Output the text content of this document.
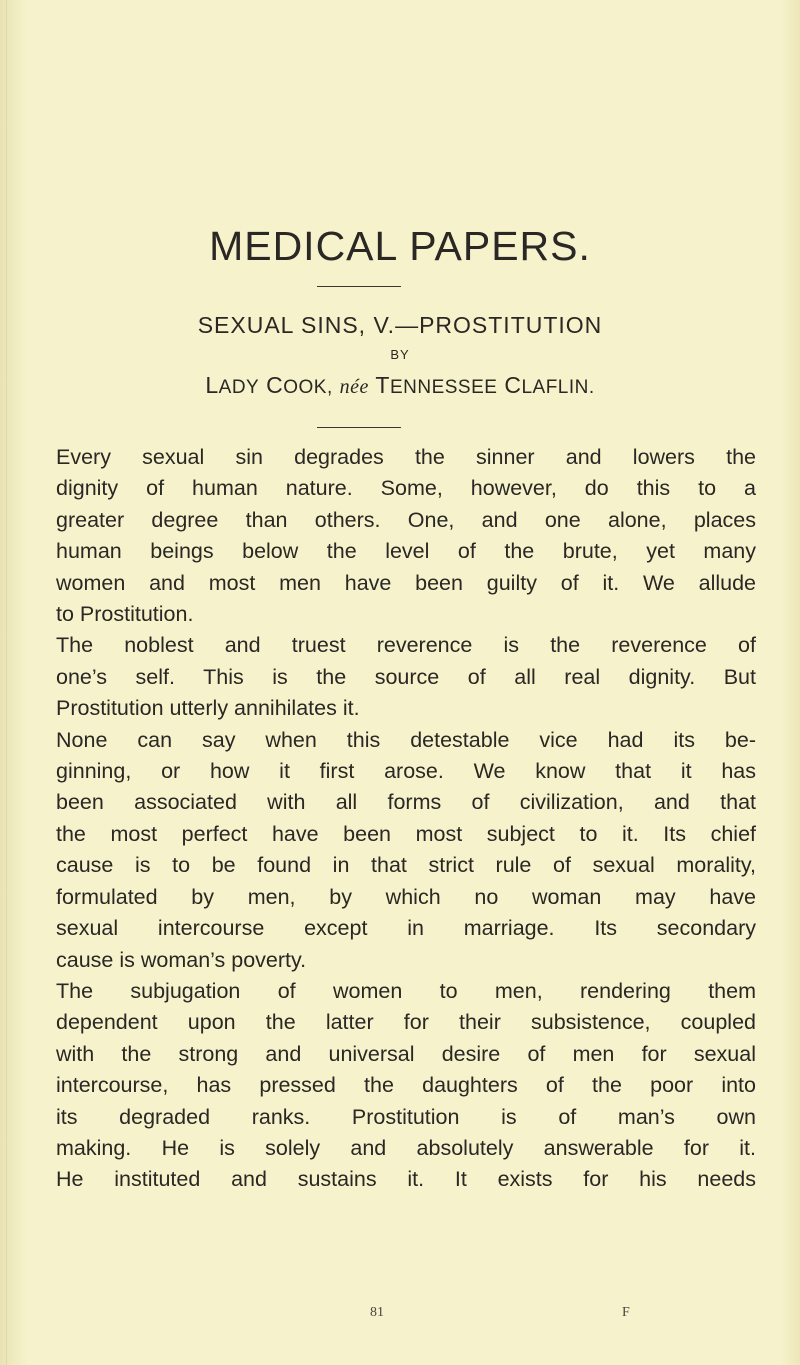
MEDICAL PAPERS.
SEXUAL SINS, V.—PROSTITUTION
BY
LADY COOK, née TENNESSEE CLAFLIN.
Every sexual sin degrades the sinner and lowers the
dignity of human nature. Some, however, do this to a
greater degree than others. One, and one alone, places
human beings below the level of the brute, yet many
women and most men have been guilty of it. We allude
to Prostitution.
The noblest and truest reverence is the reverence of
one’s self. This is the source of all real dignity. But
Prostitution utterly annihilates it.
None can say when this detestable vice had its be-
ginning, or how it first arose. We know that it has
been associated with all forms of civilization, and that
the most perfect have been most subject to it. Its chief
cause is to be found in that strict rule of sexual morality,
formulated by men, by which no woman may have
sexual intercourse except in marriage. Its secondary
cause is woman’s poverty.
The subjugation of women to men, rendering them
dependent upon the latter for their subsistence, coupled
with the strong and universal desire of men for sexual
intercourse, has pressed the daughters of the poor into
its degraded ranks. Prostitution is of man’s own
making. He is solely and absolutely answerable for it.
He instituted and sustains it. It exists for his needs
81	F
